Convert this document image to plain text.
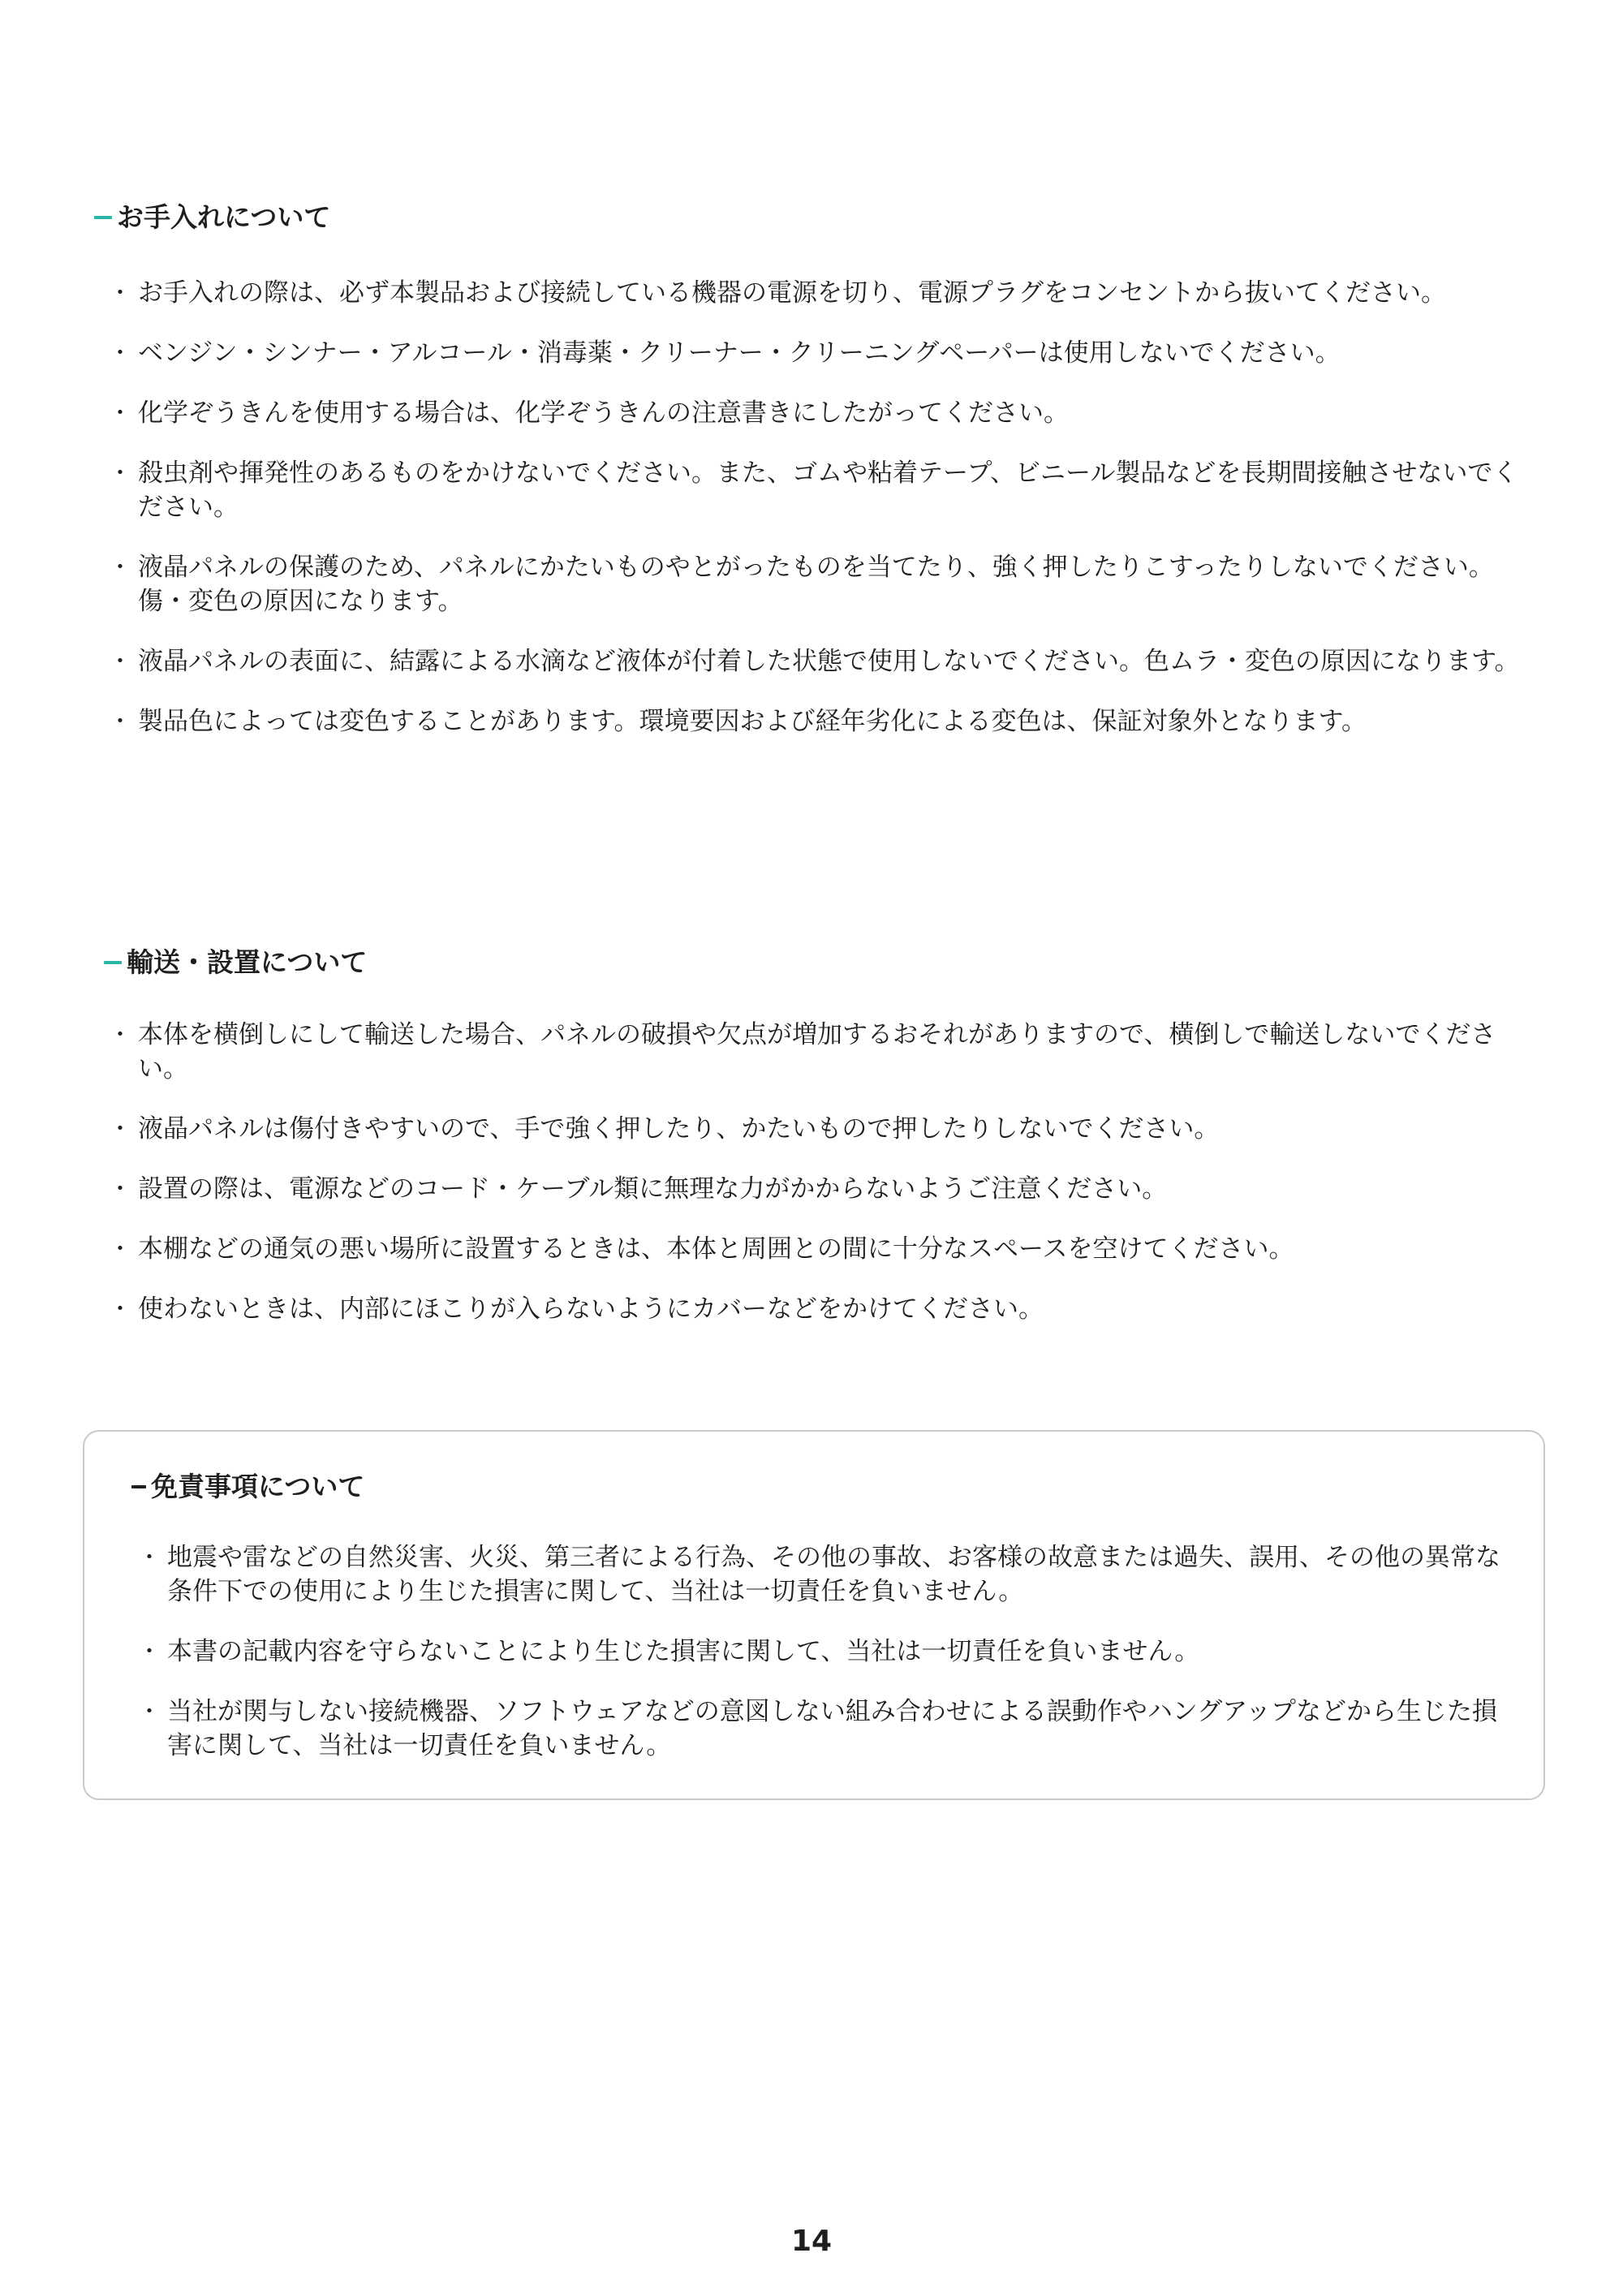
お手入れについて
・ お手入れの際は、必ず本製品および接続している機器の電源を切り、電源プラグをコンセントから抜いてください。
・ ベンジン・シンナー・アルコール・消毒薬・クリーナー・クリーニングペーパーは使用しないでください。
・ 化学ぞうきんを使用する場合は、化学ぞうきんの注意書きにしたがってください。
・ 殺虫剤や揮発性のあるものをかけないでください。また、ゴムや粘着テープ、ビニール製品などを長期間接触させないでください。
・ 液晶パネルの保護のため、パネルにかたいものやとがったものを当てたり、強く押したりこすったりしないでください。傷・変色の原因になります。
・ 液晶パネルの表面に、結露による水滴など液体が付着した状態で使用しないでください。色ムラ・変色の原因になります。
・ 製品色によっては変色することがあります。環境要因および経年劣化による変色は、保証対象外となります。
輸送・設置について
・ 本体を横倒しにして輸送した場合、パネルの破損や欠点が増加するおそれがありますので、横倒しで輸送しないでください。
・ 液晶パネルは傷付きやすいので、手で強く押したり、かたいもので押したりしないでください。
・ 設置の際は、電源などのコード・ケーブル類に無理な力がかからないようご注意ください。
・ 本棚などの通気の悪い場所に設置するときは、本体と周囲との間に十分なスペースを空けてください。
・ 使わないときは、内部にほこりが入らないようにカバーなどをかけてください。
免責事項について
・ 地震や雷などの自然災害、火災、第三者による行為、その他の事故、お客様の故意または過失、誤用、その他の異常な条件下での使用により生じた損害に関して、当社は一切責任を負いません。
・ 本書の記載内容を守らないことにより生じた損害に関して、当社は一切責任を負いません。
・ 当社が関与しない接続機器、ソフトウェアなどの意図しない組み合わせによる誤動作やハングアップなどから生じた損害に関して、当社は一切責任を負いません。
14
